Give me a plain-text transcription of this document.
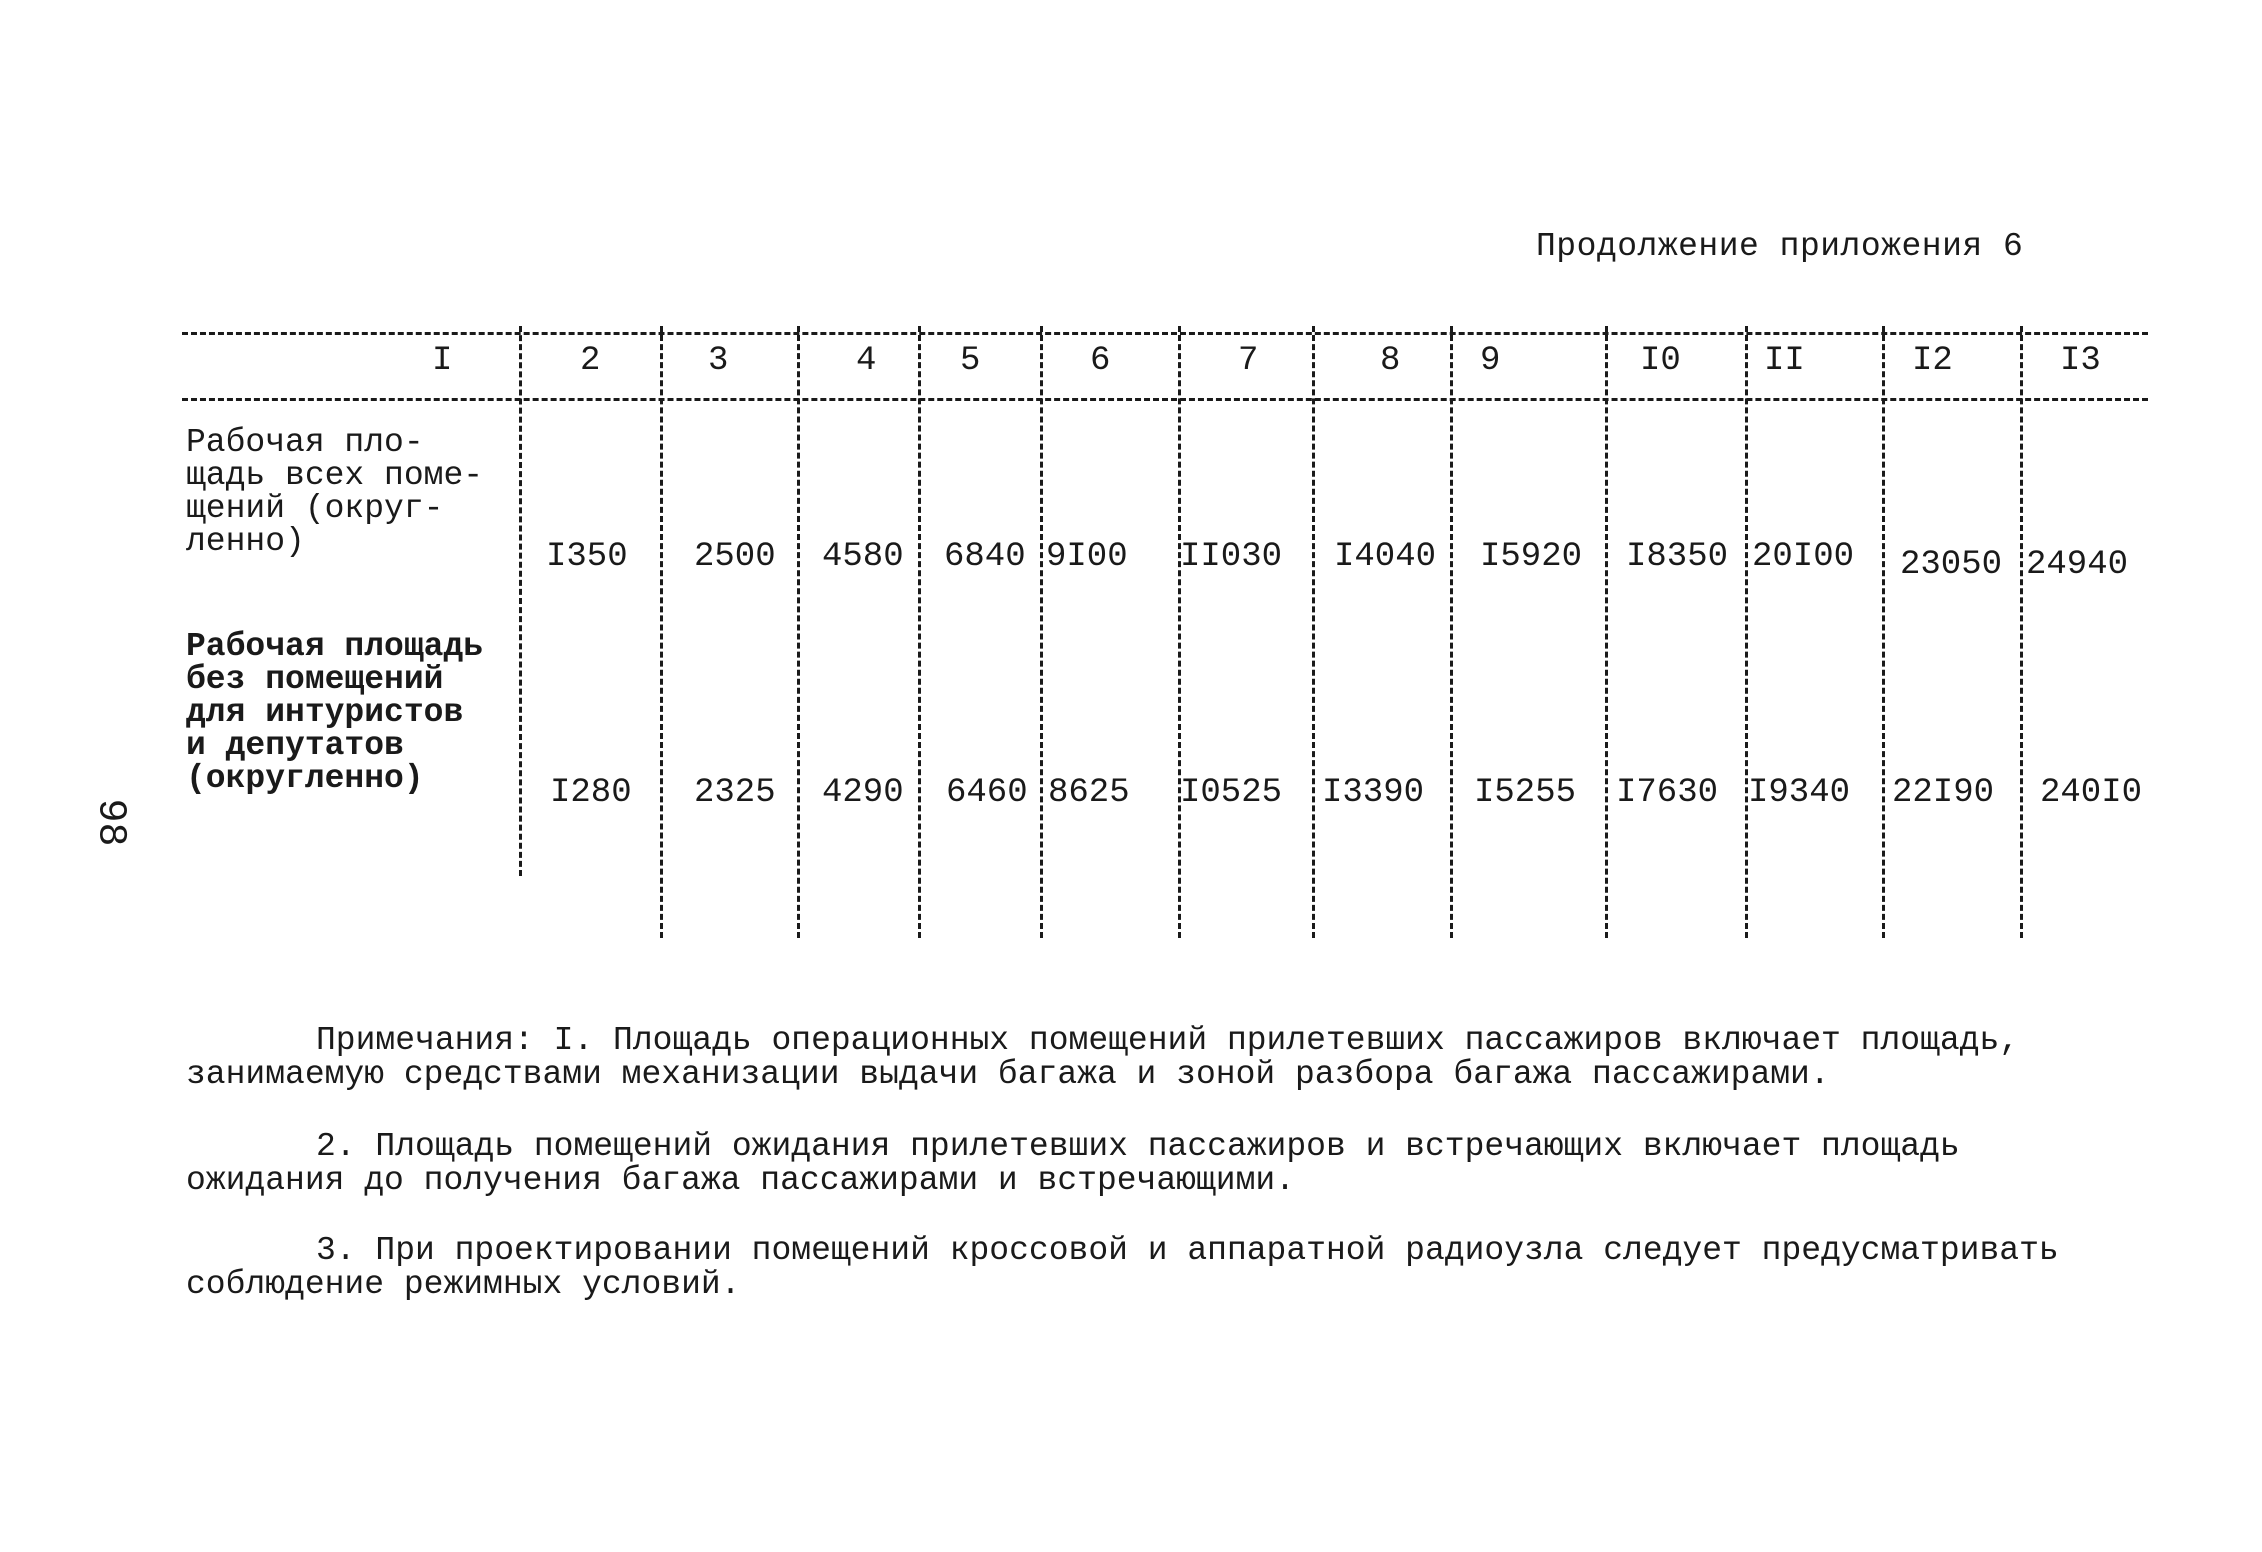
98
Продолжение приложения 6
I	2	3	4 5	6	7	8 9	I0 II	I2	I3
Рабочая пло-
щадь всех поме-
щений (округ-
ленно)	I350 2500 4580 6840 9I00 II030 I4040 I5920 I8350 20I00 23050 24940
Рабочая площадь
без помещений
для интуристов
и депутатов
(округленно)	I280 2325 4290 6460 8625 I0525 I3390 I5255 I7630 I9340 22I90 240I0
Примечания: I. Площадь операционных помещений прилетевших пассажиров включает площадь, занимаемую средствами механизации выдачи багажа и зоной разбора багажа пассажирами.
2. Площадь помещений ожидания прилетевших пассажиров и встречающих включает площадь ожидания до получения багажа пассажирами и встречающими.
3. При проектировании помещений кроссовой и аппаратной радиоузла следует предусматривать соблюдение режимных условий.
